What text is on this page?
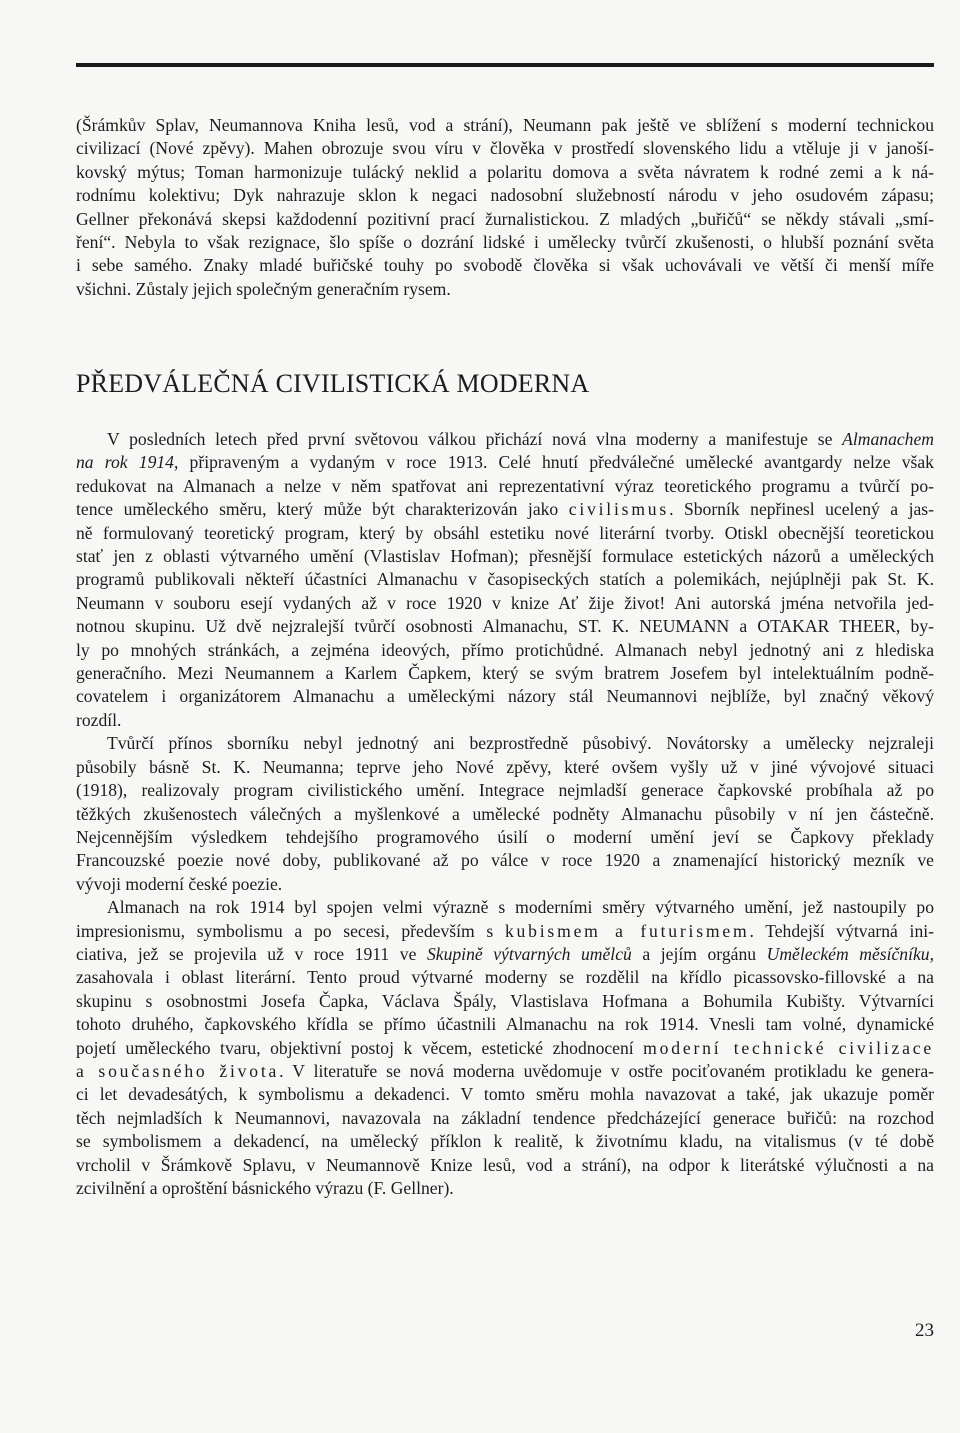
(Šrámkův Splav, Neumannova Kniha lesů, vod a strání), Neumann pak ještě ve sblížení s moderní technickou
civilizací (Nové zpěvy). Mahen obrozuje svou víru v člověka v prostředí slovenského lidu a vtěluje ji v janoší-
kovský mýtus; Toman harmonizuje tulácký neklid a polaritu domova a světa návratem k rodné zemi a k ná-
rodnímu kolektivu; Dyk nahrazuje sklon k negaci nadosobní služebností národu v jeho osudovém zápasu;
Gellner překonává skepsi každodenní pozitivní prací žurnalistickou. Z mladých „buřičů“ se někdy stávali „smí-
ření“. Nebyla to však rezignace, šlo spíše o dozrání lidské i umělecky tvůrčí zkušenosti, o hlubší poznání světa
i sebe samého. Znaky mladé buřičské touhy po svobodě člověka si však uchovávali ve větší či menší míře
všichni. Zůstaly jejich společným generačním rysem.
PŘEDVÁLEČNÁ CIVILISTICKÁ MODERNA
V posledních letech před první světovou válkou přichází nová vlna moderny a manifestuje se Almanachem
na rok 1914, připraveným a vydaným v roce 1913. Celé hnutí předválečné umělecké avantgardy nelze však
redukovat na Almanach a nelze v něm spatřovat ani reprezentativní výraz teoretického programu a tvůrčí po-
tence uměleckého směru, který může být charakterizován jako civilismus. Sborník nepřinesl ucelený a jas-
ně formulovaný teoretický program, který by obsáhl estetiku nové literární tvorby. Otiskl obecnější teoretickou
stať jen z oblasti výtvarného umění (Vlastislav Hofman); přesnější formulace estetických názorů a uměleckých
programů publikovali někteří účastníci Almanachu v časopiseckých statích a polemikách, nejúplněji pak St. K.
Neumann v souboru esejí vydaných až v roce 1920 v knize Ať žije život! Ani autorská jména netvořila jed-
notnou skupinu. Už dvě nejzralejší tvůrčí osobnosti Almanachu, ST. K. NEUMANN a OTAKAR THEER, by-
ly po mnohých stránkách, a zejména ideových, přímo protichůdné. Almanach nebyl jednotný ani z hlediska
generačního. Mezi Neumannem a Karlem Čapkem, který se svým bratrem Josefem byl intelektuálním podně-
covatelem i organizátorem Almanachu a uměleckými názory stál Neumannovi nejblíže, byl značný věkový
rozdíl.
Tvůrčí přínos sborníku nebyl jednotný ani bezprostředně působivý. Novátorsky a umělecky nejzraleji
působily básně St. K. Neumanna; teprve jeho Nové zpěvy, které ovšem vyšly už v jiné vývojové situaci
(1918), realizovaly program civilistického umění. Integrace nejmladší generace čapkovské probíhala až po
těžkých zkušenostech válečných a myšlenkové a umělecké podněty Almanachu působily v ní jen částečně.
Nejcennějším výsledkem tehdejšího programového úsilí o moderní umění jeví se Čapkovy překlady
Francouzské poezie nové doby, publikované až po válce v roce 1920 a znamenající historický mezník ve
vývoji moderní české poezie.
Almanach na rok 1914 byl spojen velmi výrazně s moderními směry výtvarného umění, jež nastoupily po
impresionismu, symbolismu a po secesi, především s kubismem a futurismem. Tehdejší výtvarná ini-
ciativa, jež se projevila už v roce 1911 ve Skupině výtvarných umělců a jejím orgánu Uměleckém měsíčníku,
zasahovala i oblast literární. Tento proud výtvarné moderny se rozdělil na křídlo picassovsko-fillovské a na
skupinu s osobnostmi Josefa Čapka, Václava Špály, Vlastislava Hofmana a Bohumila Kubišty. Výtvarníci
tohoto druhého, čapkovského křídla se přímo účastnili Almanachu na rok 1914. Vnesli tam volné, dynamické
pojetí uměleckého tvaru, objektivní postoj k věcem, estetické zhodnocení moderní technické civilizace
a současného života. V literatuře se nová moderna uvědomuje v ostře pociťovaném protikladu ke genera-
ci let devadesátých, k symbolismu a dekadenci. V tomto směru mohla navazovat a také, jak ukazuje poměr
těch nejmladších k Neumannovi, navazovala na základní tendence předcházející generace buřičů: na rozchod
se symbolismem a dekadencí, na umělecký příklon k realitě, k životnímu kladu, na vitalismus (v té době
vrcholil v Šrámkově Splavu, v Neumannově Knize lesů, vod a strání), na odpor k literátské výlučnosti a na
zcivilnění a oproštění básnického výrazu (F. Gellner).
23
